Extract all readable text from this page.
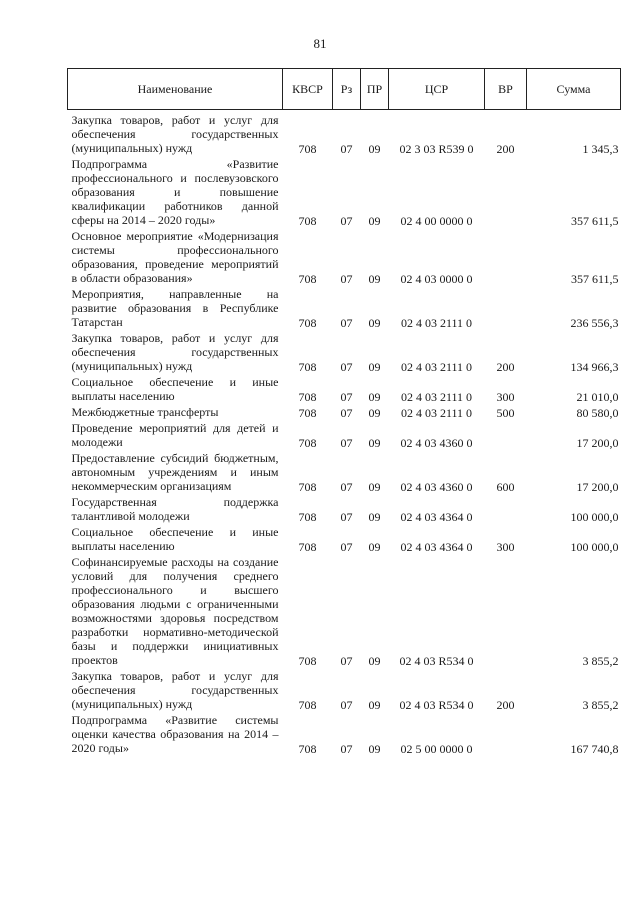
81
Наименование	КВСР	Рз	ПР	ЦСР	ВР	Сумма
Закупка товаров, работ и услуг для обеспечения государственных (муниципальных) нужд	708	07	09	02 3 03 R539 0	200	1 345,3
Подпрограмма «Развитие профессионального и послевузовского образования и повышение квалификации работников данной сферы на 2014 – 2020 годы»	708	07	09	02 4 00 0000 0		357 611,5
Основное мероприятие «Модернизация системы профессионального образования, проведение мероприятий в области образования»	708	07	09	02 4 03 0000 0		357 611,5
Мероприятия, направленные на развитие образования в Республике Татарстан	708	07	09	02 4 03 2111 0		236 556,3
Закупка товаров, работ и услуг для обеспечения государственных (муниципальных) нужд	708	07	09	02 4 03 2111 0	200	134 966,3
Социальное обеспечение и иные выплаты населению	708	07	09	02 4 03 2111 0	300	21 010,0
Межбюджетные трансферты	708	07	09	02 4 03 2111 0	500	80 580,0
Проведение мероприятий для детей и молодежи	708	07	09	02 4 03 4360 0		17 200,0
Предоставление субсидий бюджетным, автономным учреждениям и иным некоммерческим организациям	708	07	09	02 4 03 4360 0	600	17 200,0
Государственная поддержка талантливой молодежи	708	07	09	02 4 03 4364 0		100 000,0
Социальное обеспечение и иные выплаты населению	708	07	09	02 4 03 4364 0	300	100 000,0
Софинансируемые расходы на создание условий для получения среднего профессионального и высшего образования людьми с ограниченными возможностями здоровья посредством разработки нормативно-методической базы и поддержки инициативных проектов	708	07	09	02 4 03 R534 0		3 855,2
Закупка товаров, работ и услуг для обеспечения государственных (муниципальных) нужд	708	07	09	02 4 03 R534 0	200	3 855,2
Подпрограмма «Развитие системы оценки качества образования на 2014 – 2020 годы»	708	07	09	02 5 00 0000 0		167 740,8
